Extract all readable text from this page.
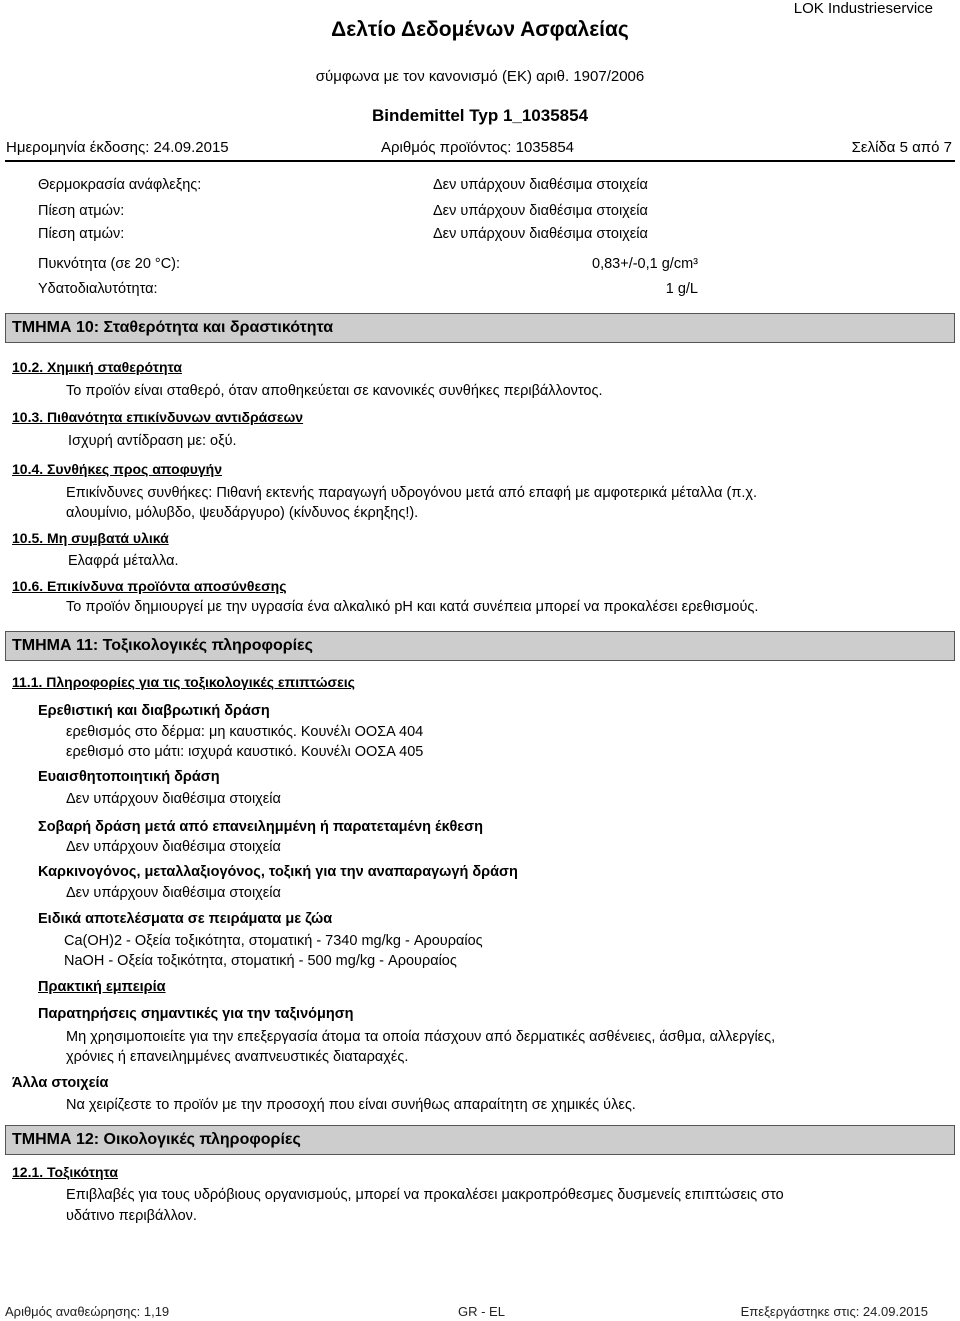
LOK Industrieservice
Δελτίο Δεδομένων Ασφαλείας
σύμφωνα με τον κανονισμό (ΕΚ) αριθ. 1907/2006
Bindemittel Typ 1_1035854
Ημερομηνία έκδοσης: 24.09.2015	Αριθμός προϊόντος: 1035854	Σελίδα 5 από 7
Θερμοκρασία ανάφλεξης:	Δεν υπάρχουν διαθέσιμα στοιχεία
Πίεση ατμών:	Δεν υπάρχουν διαθέσιμα στοιχεία
Πίεση ατμών:	Δεν υπάρχουν διαθέσιμα στοιχεία
Πυκνότητα (σε 20 °C):	0,83+/-0,1 g/cm³
Υδατοδιαλυτότητα:	1 g/L
ΤΜΗΜΑ 10: Σταθερότητα και δραστικότητα
10.2. Χημική σταθερότητα
Το προϊόν είναι σταθερό, όταν αποθηκεύεται σε κανονικές συνθήκες περιβάλλοντος.
10.3. Πιθανότητα επικίνδυνων αντιδράσεων
Ισχυρή αντίδραση με: οξύ.
10.4. Συνθήκες προς αποφυγήν
Επικίνδυνες συνθήκες: Πιθανή εκτενής παραγωγή υδρογόνου μετά από επαφή με αμφοτερικά μέταλλα (π.χ.
αλουμίνιο, μόλυβδο, ψευδάργυρο) (κίνδυνος έκρηξης!).
10.5. Μη συμβατά υλικά
Ελαφρά μέταλλα.
10.6. Επικίνδυνα προϊόντα αποσύνθεσης
Το προϊόν δημιουργεί με την υγρασία ένα αλκαλικό pH και κατά συνέπεια μπορεί να προκαλέσει ερεθισμούς.
ΤΜΗΜΑ 11: Τοξικολογικές πληροφορίες
11.1. Πληροφορίες για τις τοξικολογικές επιπτώσεις
Ερεθιστική και διαβρωτική δράση
ερεθισμός στο δέρμα: μη καυστικός. Κουνέλι ΟΟΣΑ 404
ερεθισμό στο μάτι: ισχυρά καυστικό. Κουνέλι ΟΟΣΑ 405
Ευαισθητοποιητική δράση
Δεν υπάρχουν διαθέσιμα στοιχεία
Σοβαρή δράση μετά από επανειλημμένη ή παρατεταμένη έκθεση
Δεν υπάρχουν διαθέσιμα στοιχεία
Καρκινογόνος, μεταλλαξιογόνος, τοξική για την αναπαραγωγή δράση
Δεν υπάρχουν διαθέσιμα στοιχεία
Ειδικά αποτελέσματα σε πειράματα με ζώα
Ca(OH)2 - Οξεία τοξικότητα, στοματική - 7340 mg/kg - Αρουραίος
NaOH - Οξεία τοξικότητα, στοματική - 500 mg/kg - Αρουραίος
Πρακτική εμπειρία
Παρατηρήσεις σημαντικές για την ταξινόμηση
Μη χρησιμοποιείτε για την επεξεργασία άτομα τα οποία πάσχουν από δερματικές ασθένειες, άσθμα, αλλεργίες,
χρόνιες ή επανειλημμένες αναπνευστικές διαταραχές.
Άλλα στοιχεία
Να χειρίζεστε το προϊόν με την προσοχή που είναι συνήθως απαραίτητη σε χημικές ύλες.
ΤΜΗΜΑ 12: Οικολογικές πληροφορίες
12.1. Τοξικότητα
Επιβλαβές για τους υδρόβιους οργανισμούς, μπορεί να προκαλέσει μακροπρόθεσμες δυσμενείς επιπτώσεις στο
υδάτινο περιβάλλον.
Αριθμός αναθεώρησης: 1,19	GR - EL	Επεξεργάστηκε στις: 24.09.2015
